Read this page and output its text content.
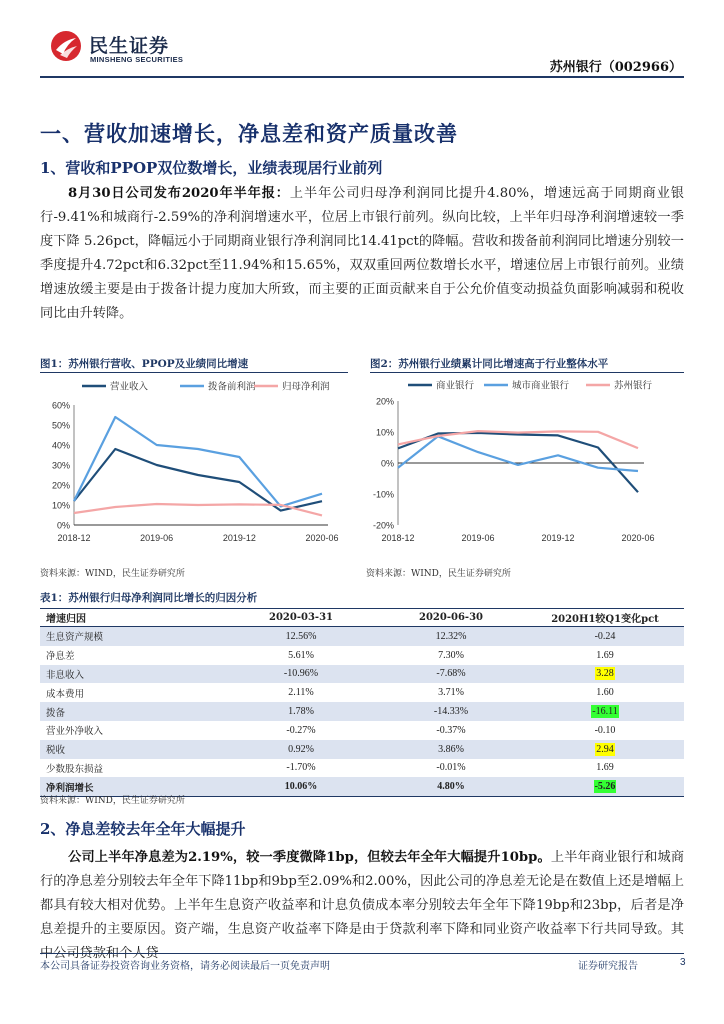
民生证券
MINSHENG SECURITIES
苏州银行（002966）
一、营收加速增长，净息差和资产质量改善
1、营收和PPOP双位数增长，业绩表现居行业前列
8月30日公司发布2020年半年报：上半年公司归母净利润同比提升4.80%，增速远高于同期商业银行-9.41%和城商行-2.59%的净利润增速水平，位居上市银行前列。纵向比较，上半年归母净利润增速较一季度下降 5.26pct，降幅远小于同期商业银行净利润同比14.41pct的降幅。营收和拨备前利润同比增速分别较一季度提升4.72pct和6.32pct至11.94%和15.65%，双双重回两位数增长水平，增速位居上市银行前列。业绩增速放缓主要是由于拨备计提力度加大所致，而主要的正面贡献来自于公允价值变动损益负面影响减弱和税收同比由升转降。
图1：苏州银行营收、PPOP及业绩同比增速
营业收入	拨备前利润	归母净利润
0%
10%
20%
30%
40%
50%
60%
2018-12	2019-06	2019-12	2020-06
资料来源：WIND，民生证券研究所
图2：苏州银行业绩累计同比增速高于行业整体水平
商业银行	城市商业银行	苏州银行
-20%
-10%
0%
10%
20%
2018-12	2019-06	2019-12	2020-06
资料来源：WIND，民生证券研究所
表1：苏州银行归母净利润同比增长的归因分析
增速归因	2020-03-31	2020-06-30	2020H1较Q1变化pct
生息资产规模	12.56%	12.32%	-0.24
净息差	5.61%	7.30%	1.69
非息收入	-10.96%	-7.68%	3.28
成本费用	2.11%	3.71%	1.60
拨备	1.78%	-14.33%	-16.11
营业外净收入	-0.27%	-0.37%	-0.10
税收	0.92%	3.86%	2.94
少数股东损益	-1.70%	-0.01%	1.69
净利润增长	10.06%	4.80%	-5.26
资料来源：WIND，民生证券研究所
2、净息差较去年全年大幅提升
公司上半年净息差为2.19%，较一季度微降1bp，但较去年全年大幅提升10bp。上半年商业银行和城商行的净息差分别较去年全年下降11bp和9bp至2.09%和2.00%，因此公司的净息差无论是在数值上还是增幅上都具有较大相对优势。上半年生息资产收益率和计息负债成本率分别较去年全年下降19bp和23bp，后者是净息差提升的主要原因。资产端，生息资产收益率下降是由于贷款利率下降和同业资产收益率下行共同导致。其中公司贷款和个人贷
本公司具备证券投资咨询业务资格，请务必阅读最后一页免责声明	证券研究报告	3
